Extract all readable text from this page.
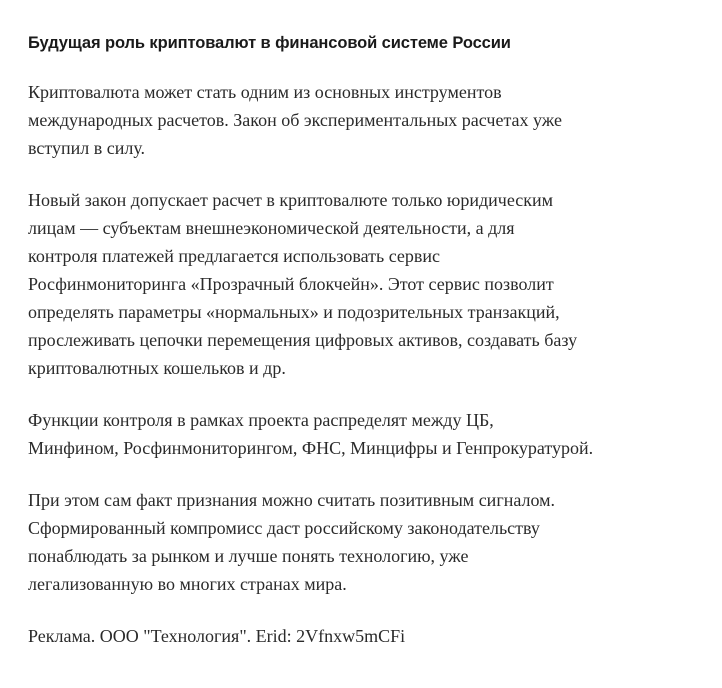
Будущая роль криптовалют в финансовой системе России

Криптовалюта может стать одним из основных инструментов
международных расчетов. Закон об экспериментальных расчетах уже
вступил в силу.

Новый закон допускает расчет в криптовалюте только юридическим
лицам — субъектам внешнеэкономической деятельности, а для
контроля платежей предлагается использовать сервис
Росфинмониторинга «Прозрачный блокчейн». Этот сервис позволит
определять параметры «нормальных» и подозрительных транзакций,
прослеживать цепочки перемещения цифровых активов, создавать базу
криптовалютных кошельков и др.

Функции контроля в рамках проекта распределят между ЦБ,
Минфином, Росфинмониторингом, ФНС, Минцифры и Генпрокуратурой.

При этом сам факт признания можно считать позитивным сигналом.
Сформированный компромисс даст российскому законодательству
понаблюдать за рынком и лучше понять технологию, уже
легализованную во многих странах мира.

Реклама. ООО "Технология". Erid: 2Vfnxw5mCFi
